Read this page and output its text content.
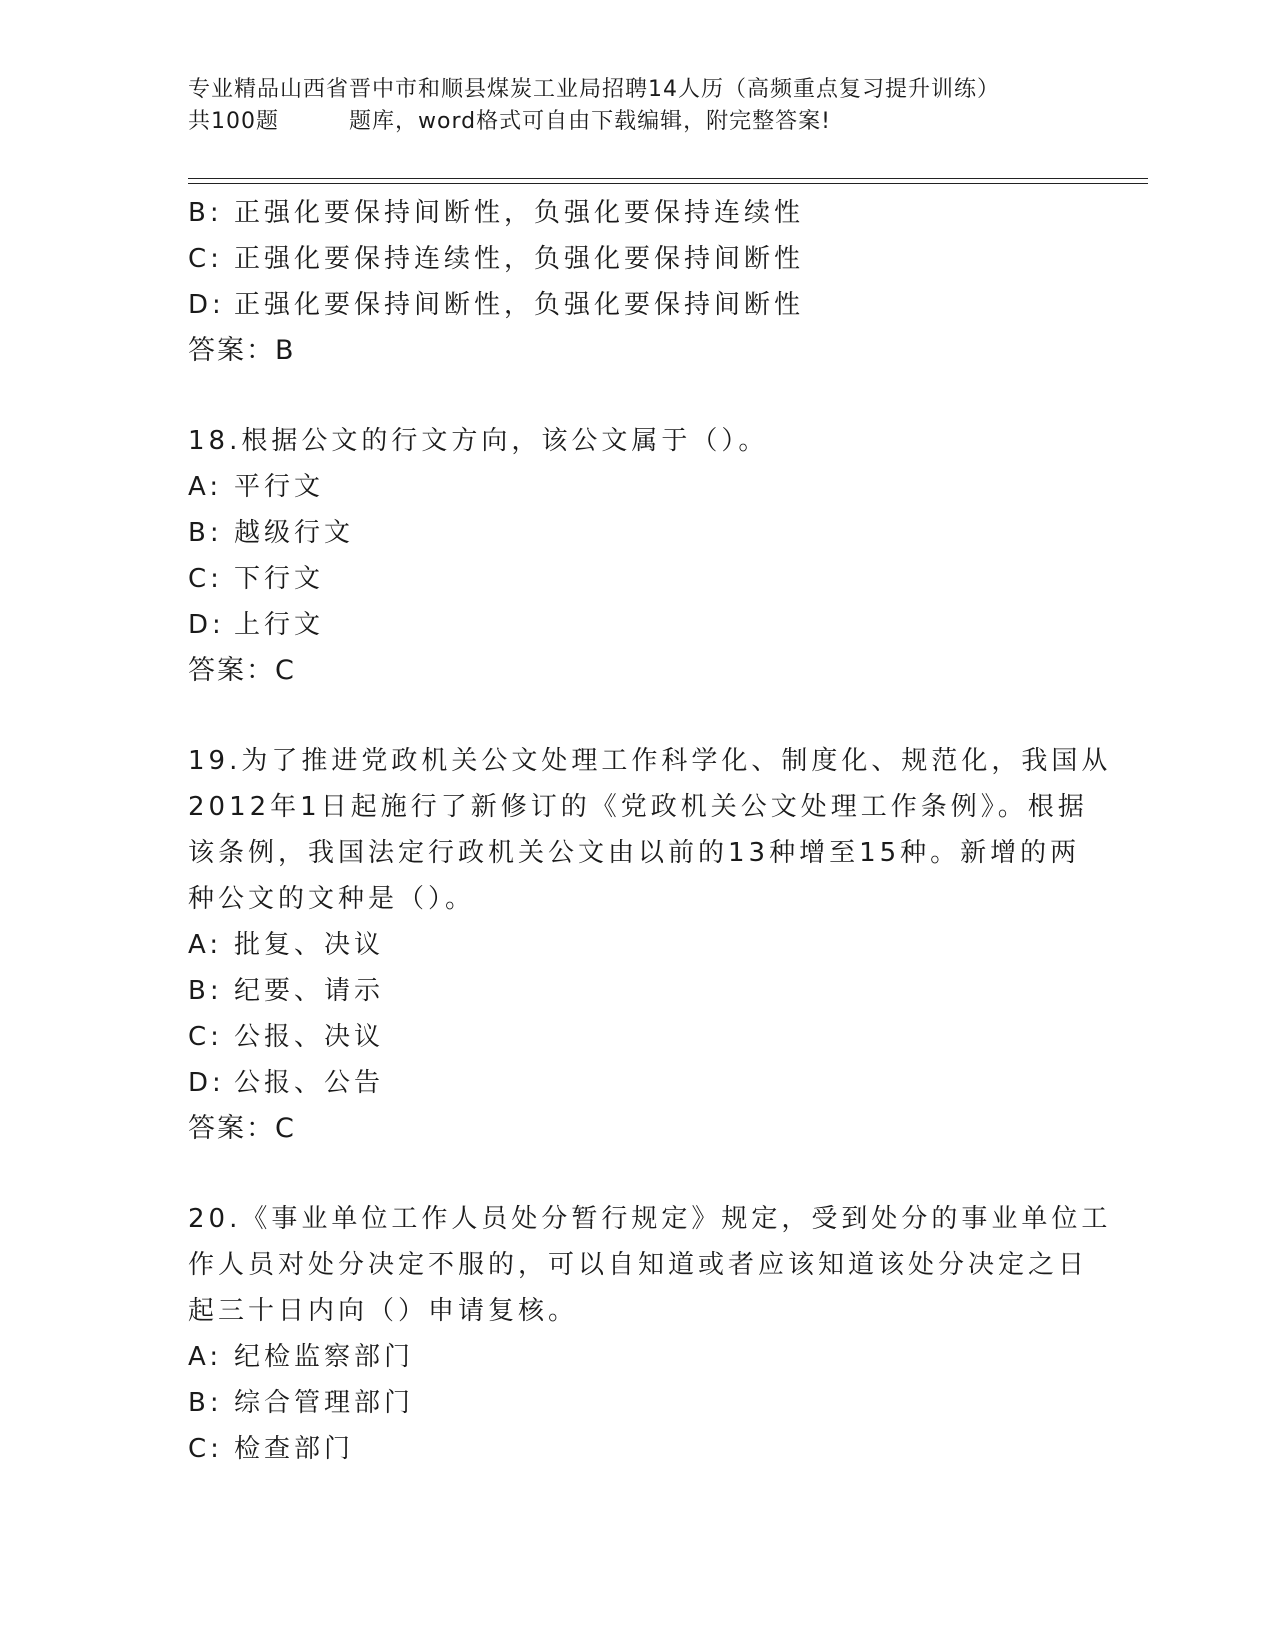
专业精品山西省晋中市和顺县煤炭工业局招聘14人历（高频重点复习提升训练）
共100题	题库，word格式可自由下载编辑，附完整答案!
B: 正强化要保持间断性，负强化要保持连续性
C: 正强化要保持连续性，负强化要保持间断性
D: 正强化要保持间断性，负强化要保持间断性
答案：B
18.根据公文的行文方向，该公文属于（）。
A: 平行文
B: 越级行文
C: 下行文
D: 上行文
答案：C
19.为了推进党政机关公文处理工作科学化、制度化、规范化，我国从
2012年1日起施行了新修订的《党政机关公文处理工作条例》。根据
该条例，我国法定行政机关公文由以前的13种增至15种。新增的两
种公文的文种是（）。
A: 批复、决议
B: 纪要、请示
C: 公报、决议
D: 公报、公告
答案：C
20.《事业单位工作人员处分暂行规定》规定，受到处分的事业单位工
作人员对处分决定不服的，可以自知道或者应该知道该处分决定之日
起三十日内向（）申请复核。
A: 纪检监察部门
B: 综合管理部门
C: 检查部门
